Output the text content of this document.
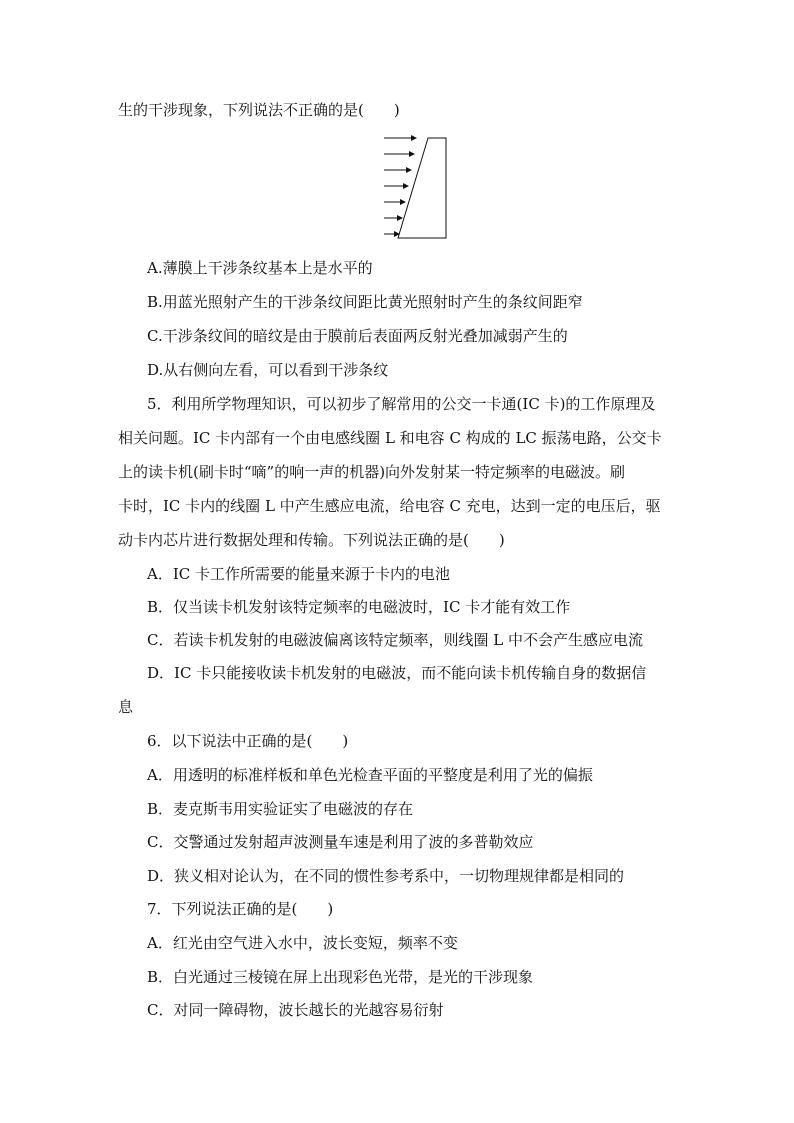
生的干涉现象，下列说法不正确的是(　　)
A.薄膜上干涉条纹基本上是水平的
B.用蓝光照射产生的干涉条纹间距比黄光照射时产生的条纹间距窄
C.干涉条纹间的暗纹是由于膜前后表面两反射光叠加减弱产生的
D.从右侧向左看，可以看到干涉条纹
5．利用所学物理知识，可以初步了解常用的公交一卡通(IC 卡)的工作原理及
相关问题。IC 卡内部有一个由电感线圈 L 和电容 C 构成的 LC 振荡电路，公交卡
上的读卡机(刷卡时“嘀”的响一声的机器)向外发射某一特定频率的电磁波。刷
卡时，IC 卡内的线圈 L 中产生感应电流，给电容 C 充电，达到一定的电压后，驱
动卡内芯片进行数据处理和传输。下列说法正确的是(　　)
A．IC 卡工作所需要的能量来源于卡内的电池
B．仅当读卡机发射该特定频率的电磁波时，IC 卡才能有效工作
C．若读卡机发射的电磁波偏离该特定频率，则线圈 L 中不会产生感应电流
D．IC 卡只能接收读卡机发射的电磁波，而不能向读卡机传输自身的数据信
息
6．以下说法中正确的是(　　)
A．用透明的标准样板和单色光检查平面的平整度是利用了光的偏振
B．麦克斯韦用实验证实了电磁波的存在
C．交警通过发射超声波测量车速是利用了波的多普勒效应
D．狭义相对论认为，在不同的惯性参考系中，一切物理规律都是相同的
7．下列说法正确的是(　　)
A．红光由空气进入水中，波长变短，频率不变
B．白光通过三棱镜在屏上出现彩色光带，是光的干涉现象
C．对同一障碍物，波长越长的光越容易衍射
